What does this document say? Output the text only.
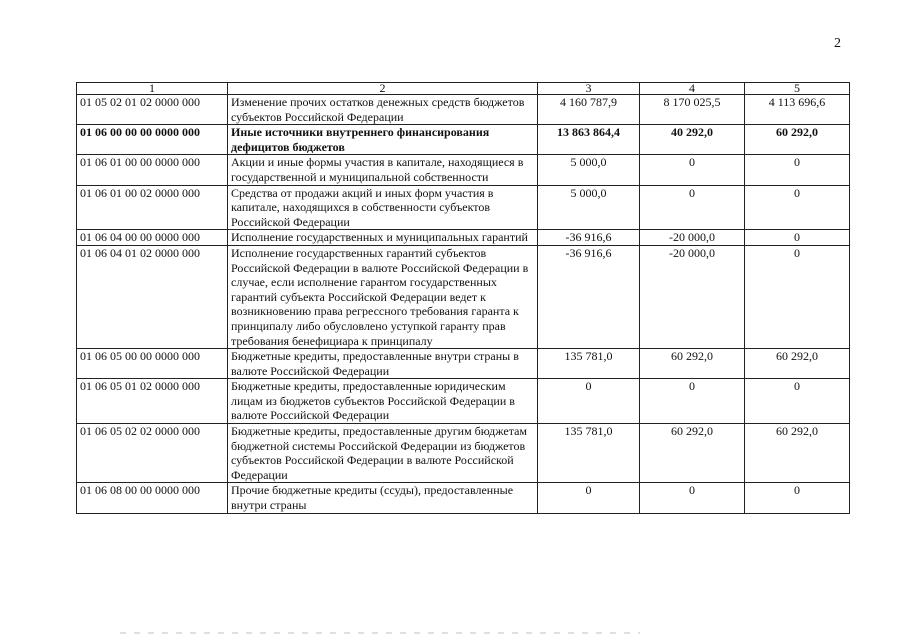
2
1	2	3	4	5
01 05 02 01 02 0000 000	Изменение прочих остатков денежных средств бюджетов субъектов Российской Федерации	4 160 787,9	8 170 025,5	4 113 696,6
01 06 00 00 00 0000 000	Иные источники внутреннего финансирования дефицитов бюджетов	13 863 864,4	40 292,0	60 292,0
01 06 01 00 00 0000 000	Акции и иные формы участия в капитале, находящиеся в государственной и муниципальной собственности	5 000,0	0	0
01 06 01 00 02 0000 000	Средства от продажи акций и иных форм участия в капитале, находящихся в собственности субъектов Российской Федерации	5 000,0	0	0
01 06 04 00 00 0000 000	Исполнение государственных и муниципальных гарантий	-36 916,6	-20 000,0	0
01 06 04 01 02 0000 000	Исполнение государственных гарантий субъектов Российской Федерации в валюте Российской Федерации в случае, если исполнение гарантом государственных гарантий субъекта Российской Федерации ведет к возникновению права регрессного требования гаранта к принципалу либо обусловлено уступкой гаранту прав требования бенефициара к принципалу	-36 916,6	-20 000,0	0
01 06 05 00 00 0000 000	Бюджетные кредиты, предоставленные внутри страны в валюте Российской Федерации	135 781,0	60 292,0	60 292,0
01 06 05 01 02 0000 000	Бюджетные кредиты, предоставленные юридическим лицам из бюджетов субъектов Российской Федерации в валюте Российской Федерации	0	0	0
01 06 05 02 02 0000 000	Бюджетные кредиты, предоставленные другим бюджетам бюджетной системы Российской Федерации из бюджетов субъектов Российской Федерации в валюте Российской Федерации	135 781,0	60 292,0	60 292,0
01 06 08 00 00 0000 000	Прочие бюджетные кредиты (ссуды), предоставленные внутри страны	0	0	0
